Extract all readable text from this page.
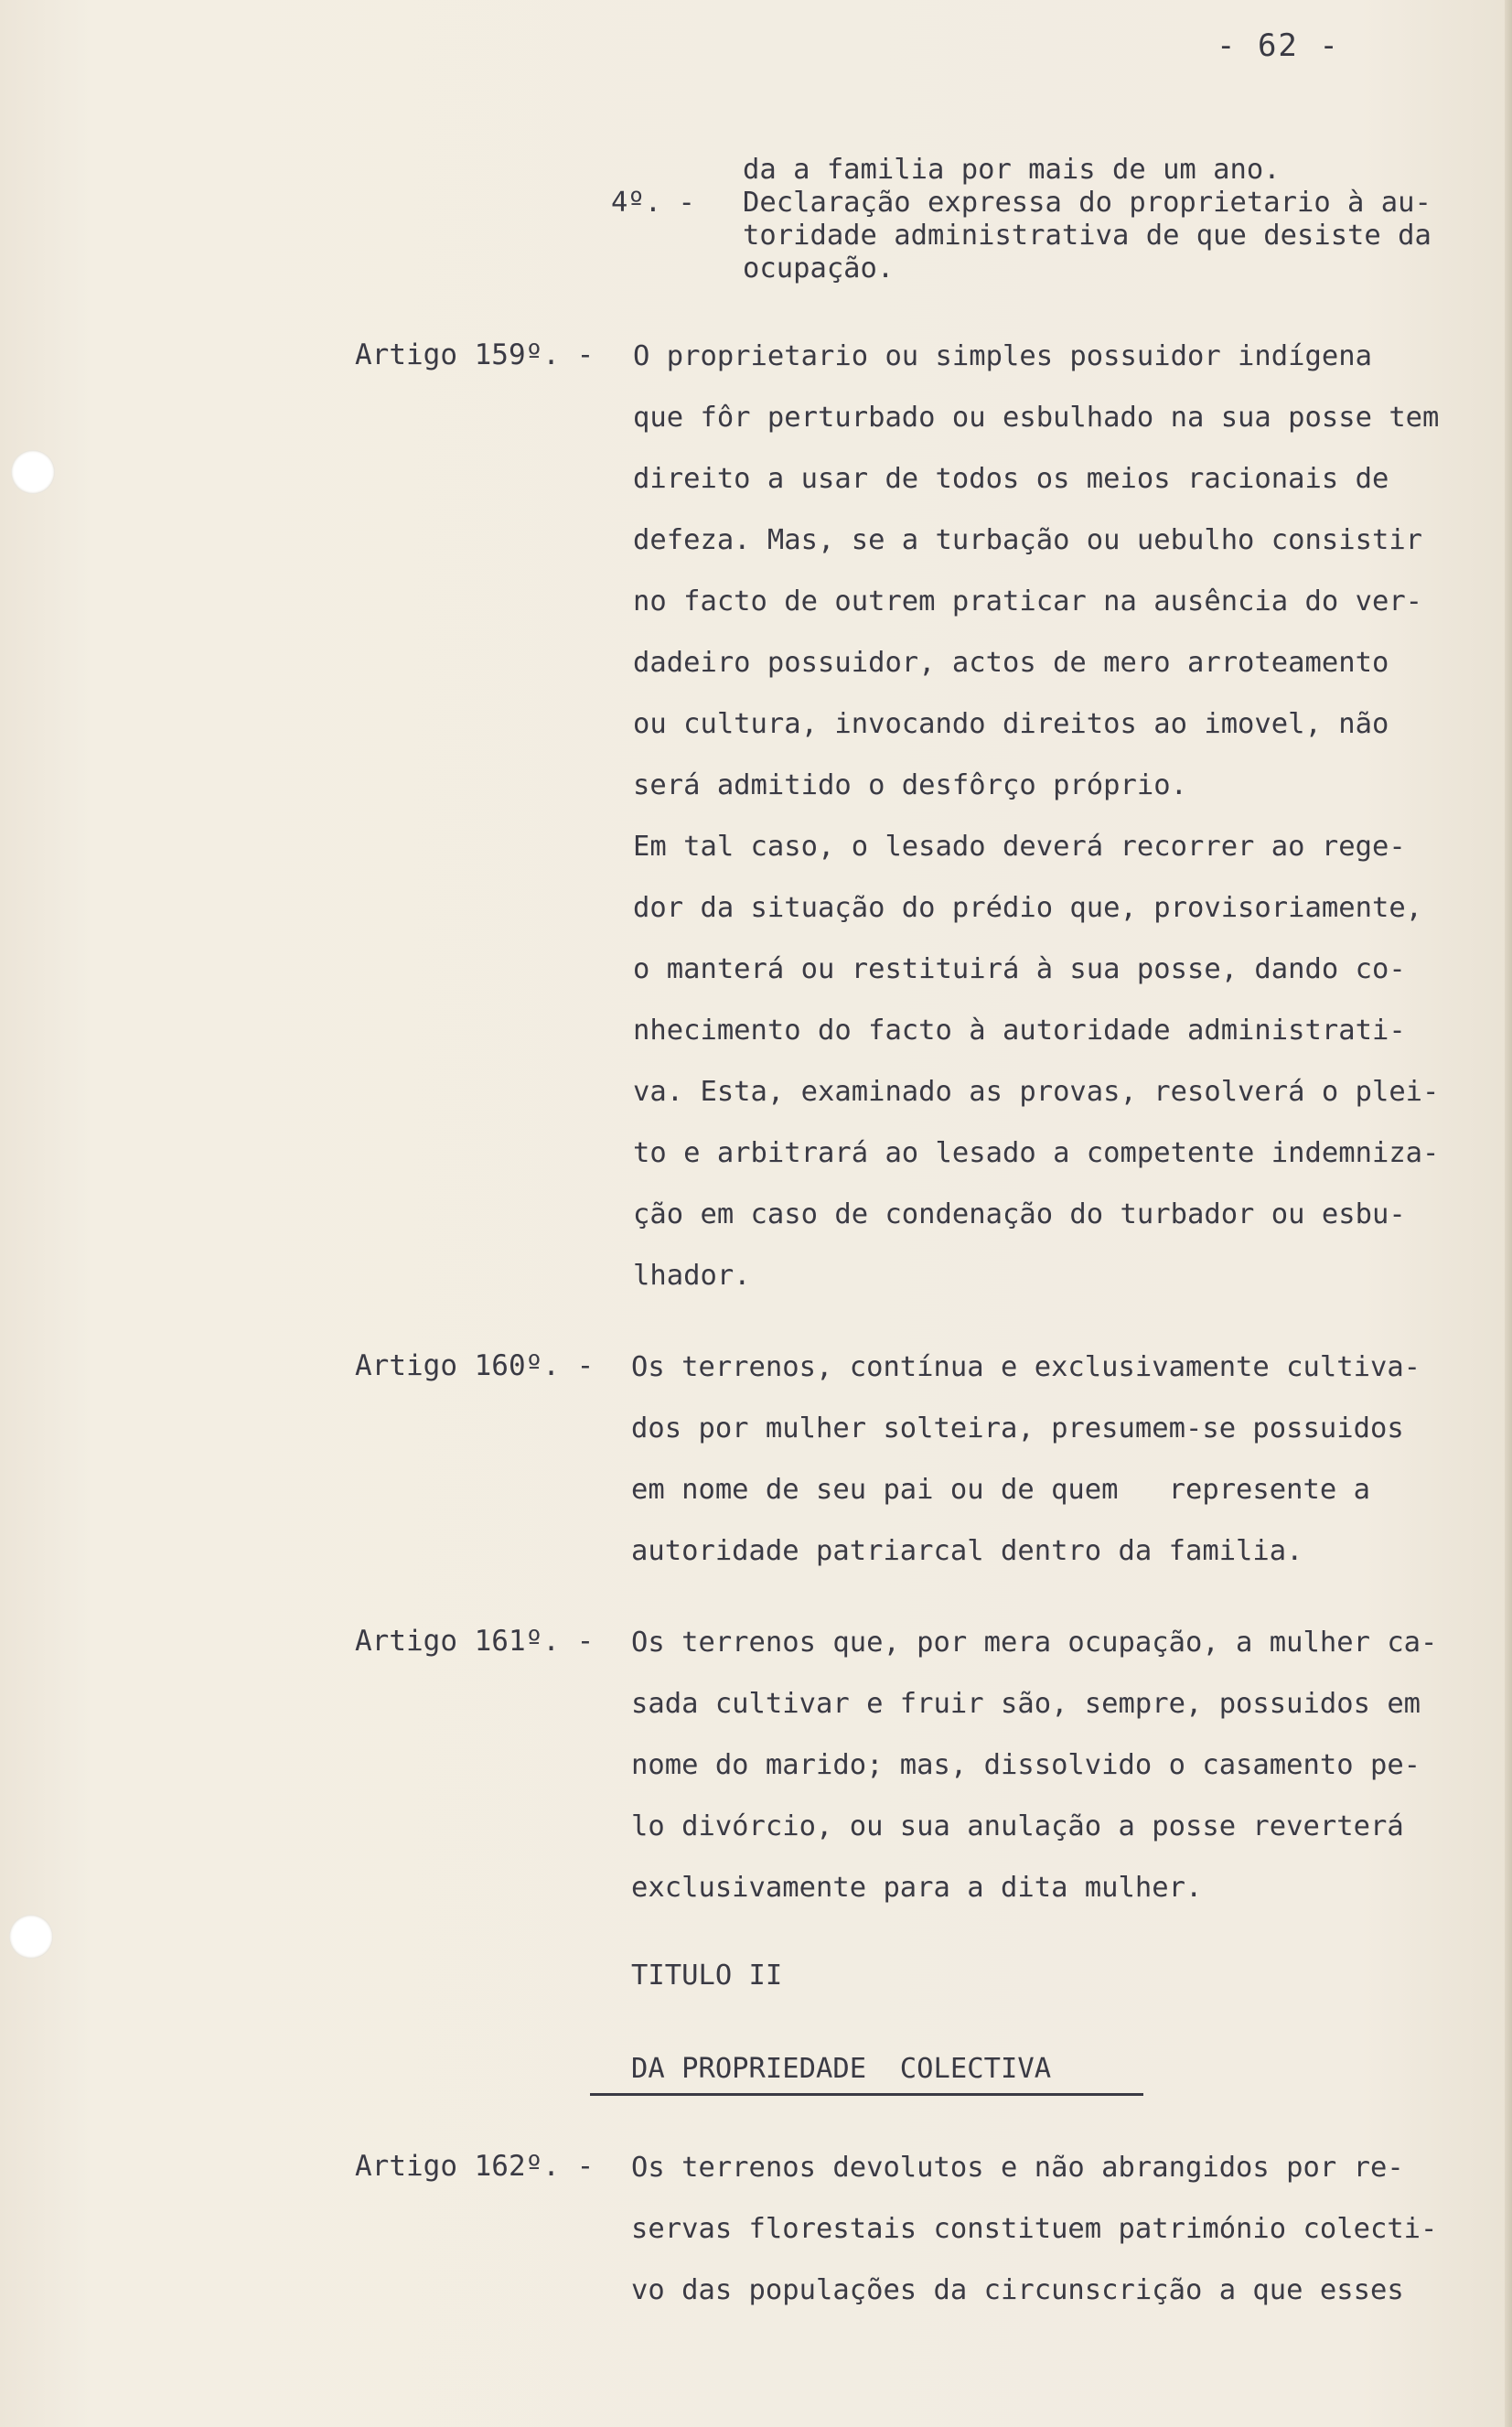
- 62 -
da a familia por mais de um ano.
4º. - Declaração expressa do proprietario à au-
toridade administrativa de que desiste da
ocupação.
Artigo 159º. - O proprietario ou simples possuidor indígena
que fôr perturbado ou esbulhado na sua posse tem
direito a usar de todos os meios racionais de
defeza. Mas, se a turbação ou uebulho consistir
no facto de outrem praticar na ausência do ver-
dadeiro possuidor, actos de mero arroteamento
ou cultura, invocando direitos ao imovel, não
será admitido o desfôrço próprio.
Em tal caso, o lesado deverá recorrer ao rege-
dor da situação do prédio que, provisoriamente,
o manterá ou restituirá à sua posse, dando co-
nhecimento do facto à autoridade administrati-
va. Esta, examinado as provas, resolverá o plei-
to e arbitrará ao lesado a competente indemniza-
ção em caso de condenação do turbador ou esbu-
lhador.
Artigo 160º. - Os terrenos, contínua e exclusivamente cultiva-
dos por mulher solteira, presumem-se possuidos
em nome de seu pai ou de quem   represente a
autoridade patriarcal dentro da familia.
Artigo 161º. - Os terrenos que, por mera ocupação, a mulher ca-
sada cultivar e fruir são, sempre, possuidos em
nome do marido; mas, dissolvido o casamento pe-
lo divórcio, ou sua anulação a posse reverterá
exclusivamente para a dita mulher.
TITULO II
DA PROPRIEDADE  COLECTIVA
Artigo 162º. - Os terrenos devolutos e não abrangidos por re-
servas florestais constituem património colecti-
vo das populações da circunscrição a que esses
